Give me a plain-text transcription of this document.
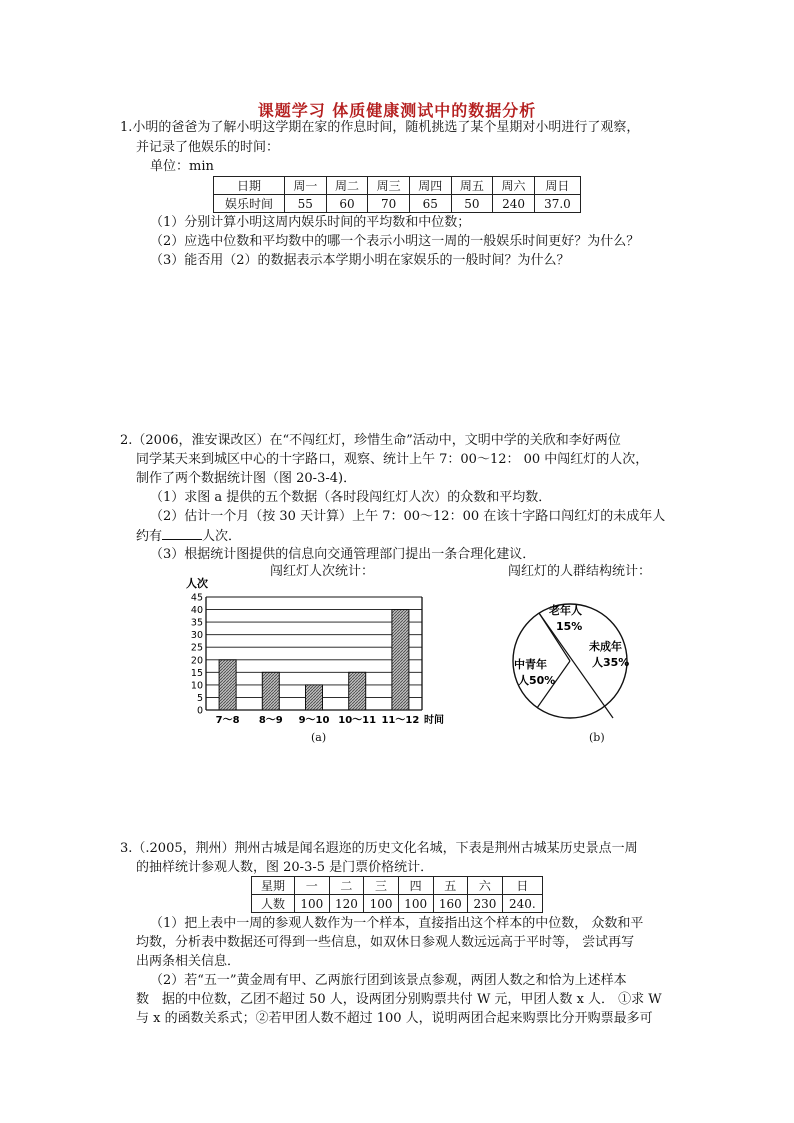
课题学习 体质健康测试中的数据分析
1.小明的爸爸为了解小明这学期在家的作息时间，随机挑选了某个星期对小明进行了观察，
并记录了他娱乐的时间：
单位：min
日期	周一	周二	周三	周四	周五	周六	周日
娱乐时间	55	60	70	65	50	240	37.0
（1）分别计算小明这周内娱乐时间的平均数和中位数；
（2）应选中位数和平均数中的哪一个表示小明这一周的一般娱乐时间更好？为什么？
（3）能否用（2）的数据表示本学期小明在家娱乐的一般时间？为什么？
2.（2006，淮安课改区）在“不闯红灯，珍惜生命”活动中，文明中学的关欣和李好两位
同学某天来到城区中心的十字路口，观察、统计上午 7：00～12： 00 中闯红灯的人次，
制作了两个数据统计图（图 20-3-4)．
（1）求图 a 提供的五个数据（各时段闯红灯人次）的众数和平均数．
（2）估计一个月（按 30 天计算）上午 7：00～12：00 在该十字路口闯红灯的未成年人
约有	人次．
（3）根据统计图提供的信息向交通管理部门提出一条合理化建议．
闯红灯人次统计：	闯红灯的人群结构统计：
人次
0
5
10
15
20
25
30
35
40
45
7～8 8～9 9～10 10～11 11～12 时间
(a)
老年人
15%
未成年
人35%
中青年
人50%
(b)
3.（.2005，荆州）荆州古城是闻名遐迩的历史文化名城，下表是荆州古城某历史景点一周
的抽样统计参观人数，图 20-3-5 是门票价格统计．
星期	一	二	三	四	五	六	日
人数	100	120	100	100	160	230	240.
（1）把上表中一周的参观人数作为一个样本，直接指出这个样本的中位数， 众数和平
均数，分析表中数据还可得到一些信息，如双休日参观人数远远高于平时等， 尝试再写
出两条相关信息．
（2）若“五一”黄金周有甲、乙两旅行团到该景点参观，两团人数之和恰为上述样本
数　据的中位数，乙团不超过 50 人，设两团分别购票共付 W 元，甲团人数 x 人． ①求 W
与 x 的函数关系式；②若甲团人数不超过 100 人，说明两团合起来购票比分开购票最多可
